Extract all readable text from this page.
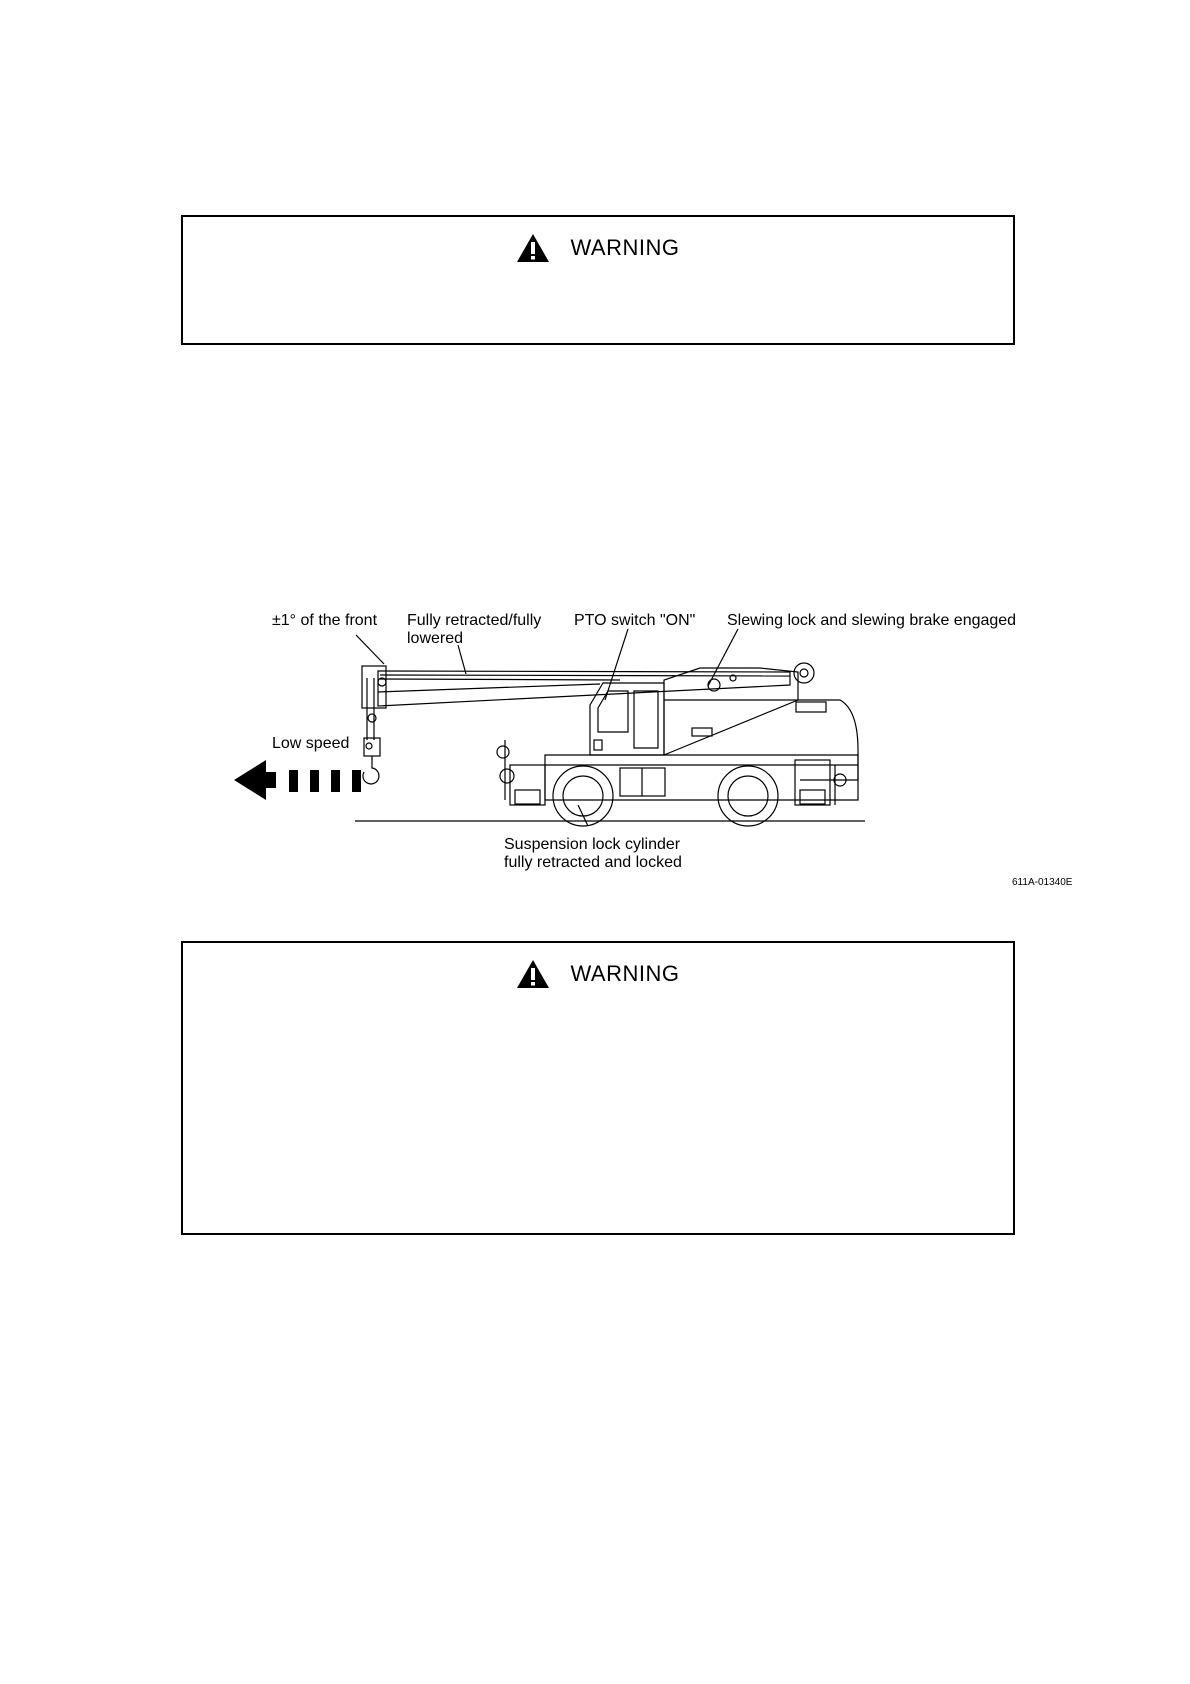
WARNING
±1° of the front Fully retracted/fully
lowered
PTO switch "ON" Slewing lock and slewing brake engaged
Low speed
Suspension lock cylinder
fully retracted and locked
611A-01340E
WARNING
